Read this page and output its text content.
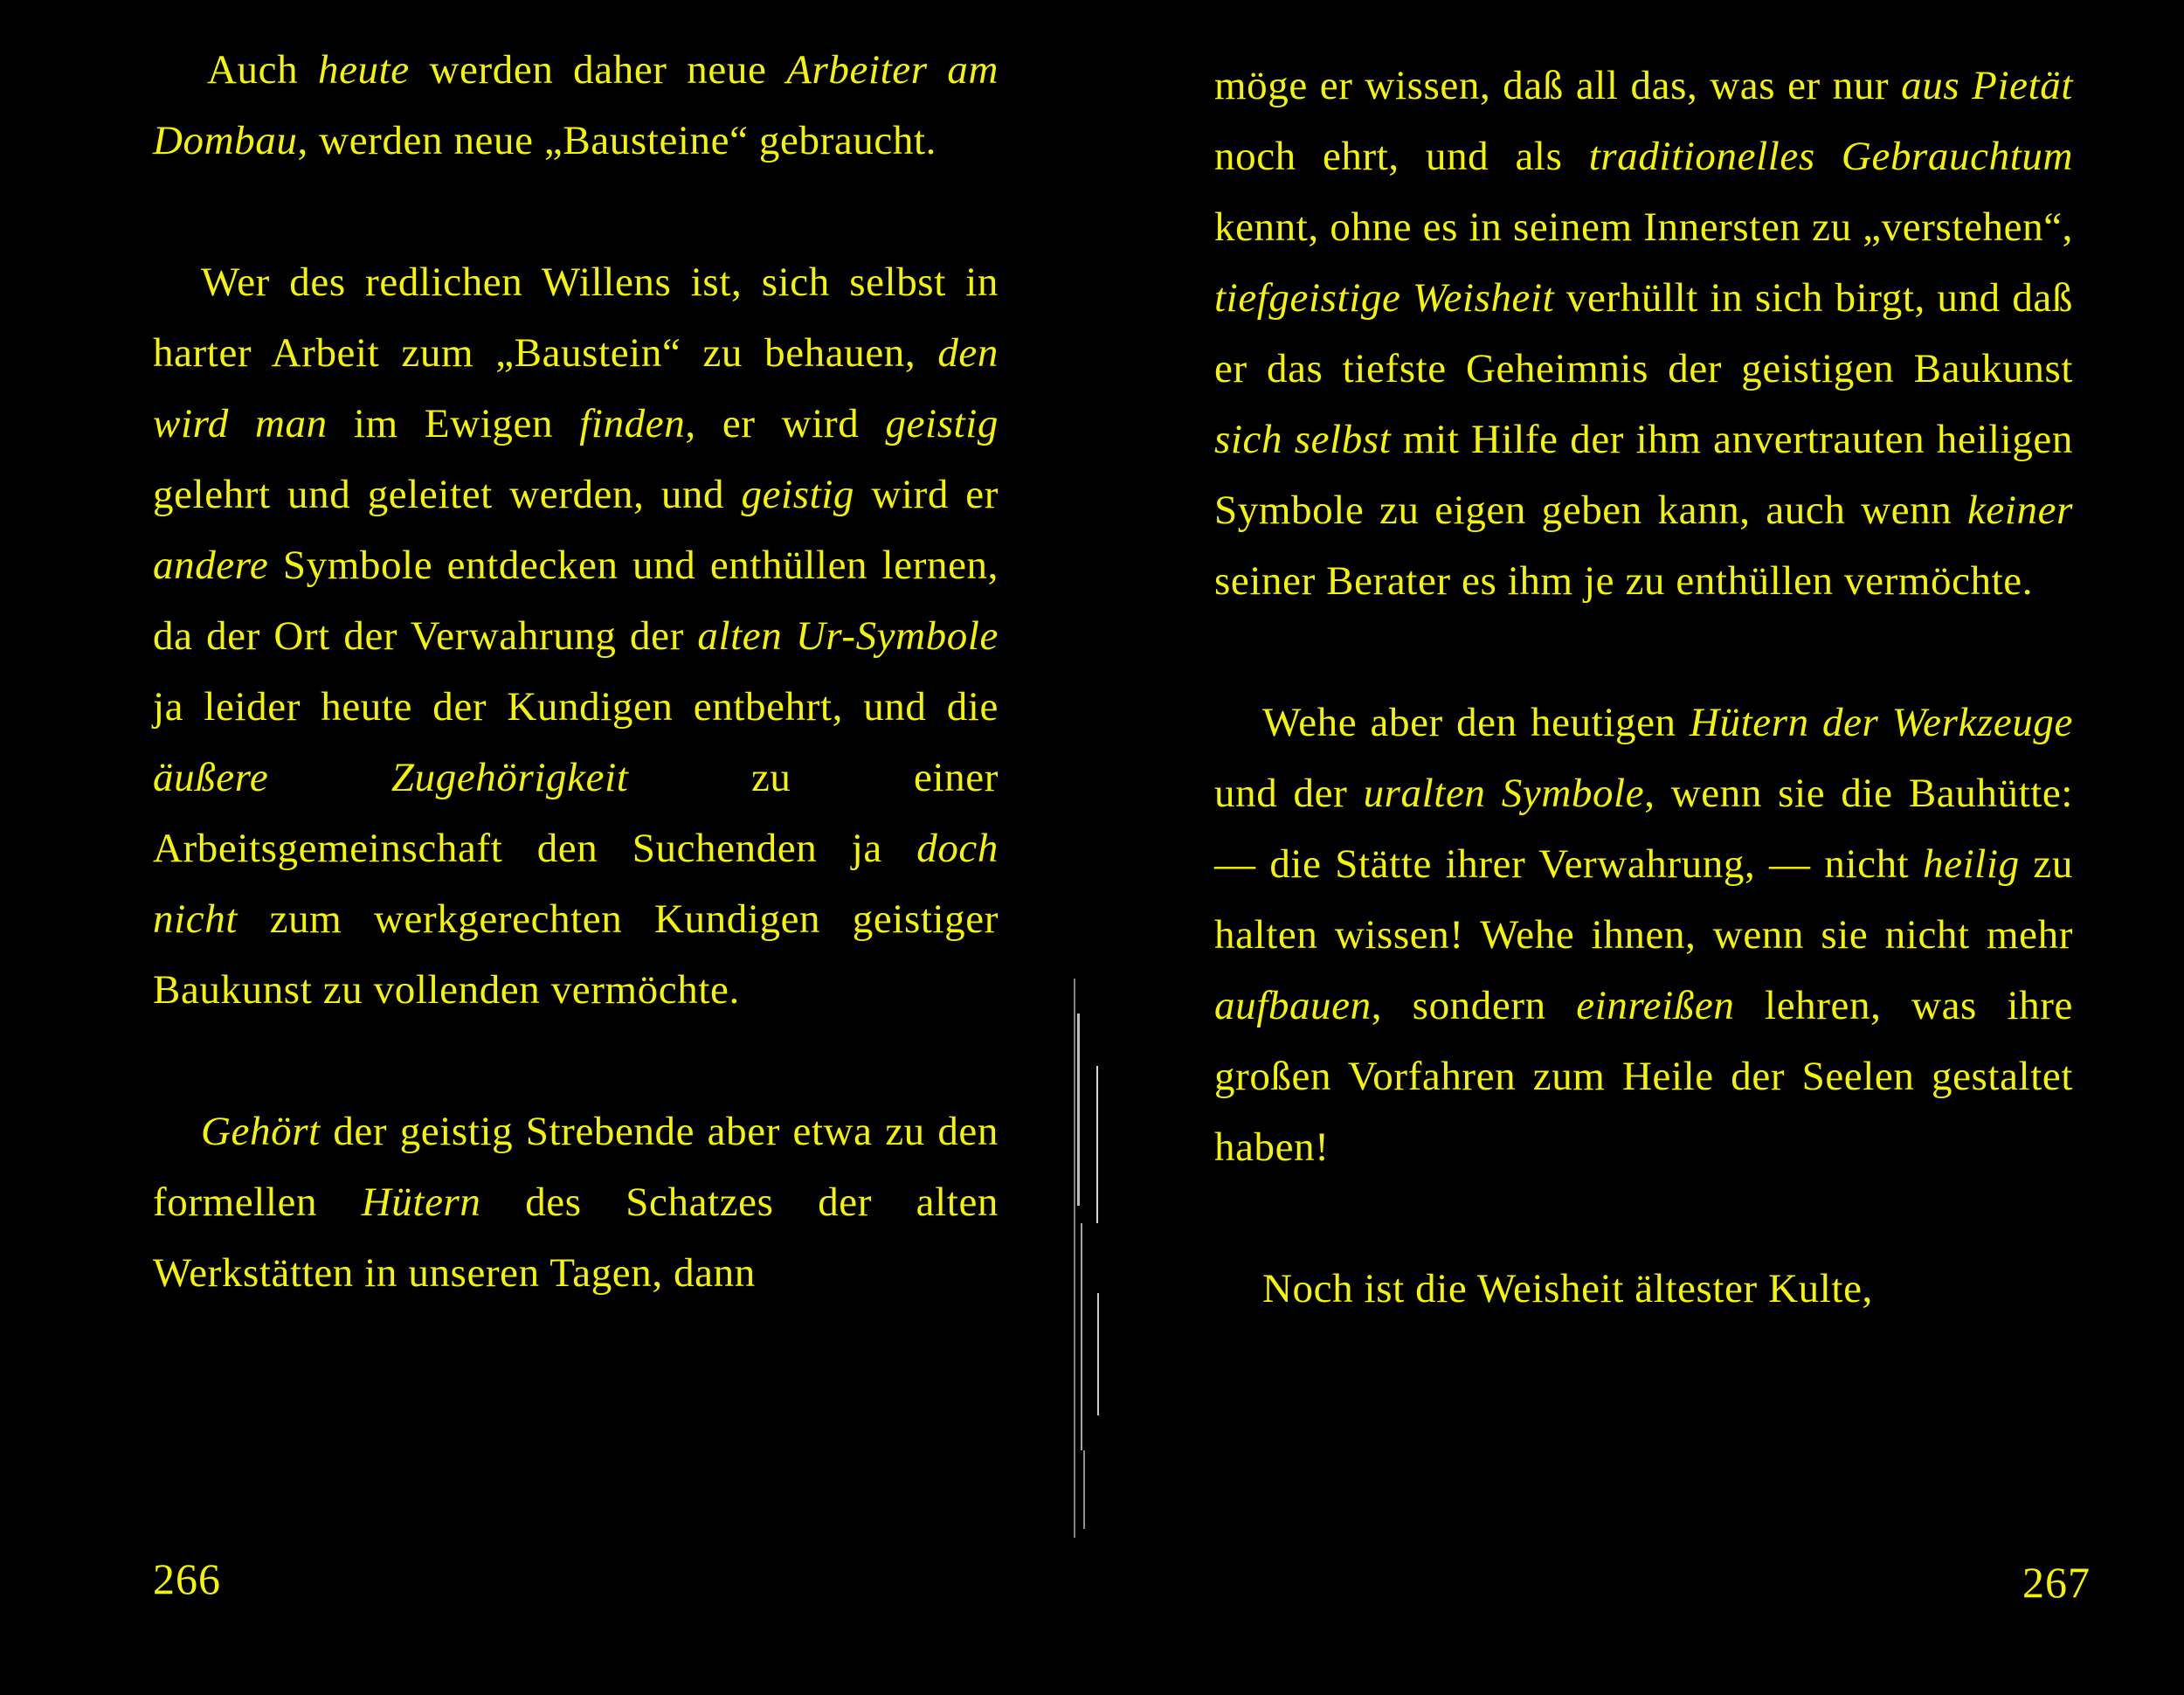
Auch heute werden daher neue Arbeiter am Dombau, werden neue „Bausteine“ gebraucht.

Wer des redlichen Willens ist, sich selbst in harter Arbeit zum „Baustein“ zu behauen, den wird man im Ewigen finden, er wird geistig gelehrt und geleitet werden, und geistig wird er andere Symbole entdecken und enthüllen lernen, da der Ort der Verwahrung der alten Ur-Symbole ja leider heute der Kundigen entbehrt, und die äußere Zugehörigkeit zu einer Arbeitsgemeinschaft den Suchenden ja doch nicht zum werkgerechten Kundigen geistiger Baukunst zu vollenden vermöchte.

Gehört der geistig Strebende aber etwa zu den formellen Hütern des Schatzes der alten Werkstätten in unseren Tagen, dann

266

möge er wissen, daß all das, was er nur aus Pietät noch ehrt, und als traditionelles Gebrauchtum kennt, ohne es in seinem Innersten zu „verstehen“, tiefgeistige Weisheit verhüllt in sich birgt, und daß er das tiefste Geheimnis der geistigen Baukunst sich selbst mit Hilfe der ihm anvertrauten heiligen Symbole zu eigen geben kann, auch wenn keiner seiner Berater es ihm je zu enthüllen vermöchte.

Wehe aber den heutigen Hütern der Werkzeuge und der uralten Symbole, wenn sie die Bauhütte: — die Stätte ihrer Verwahrung, — nicht heilig zu halten wissen! Wehe ihnen, wenn sie nicht mehr aufbauen, sondern einreißen lehren, was ihre großen Vorfahren zum Heile der Seelen gestaltet haben!

Noch ist die Weisheit ältester Kulte,

267
